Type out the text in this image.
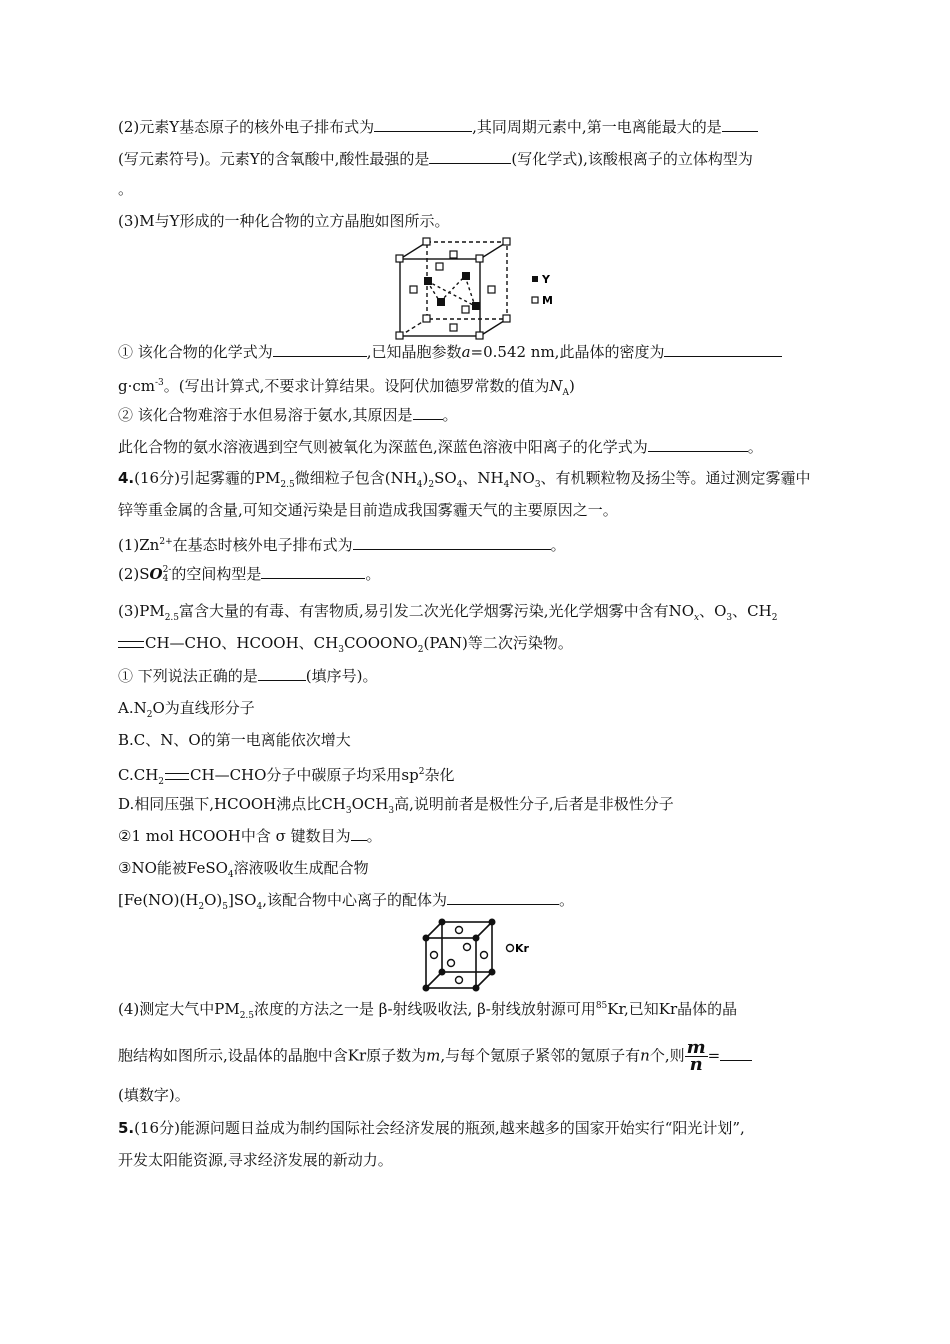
(2)元素Y基态原子的核外电子排布式为	,其同周期元素中,第一电离能最大的是
(写元素符号)。元素Y的含氧酸中,酸性最强的是	(写化学式),该酸根离子的立体构型为
。
(3)M与Y形成的一种化合物的立方晶胞如图所示。
Y
M
① 该化合物的化学式为	,已知晶胞参数a=0.542 nm,此晶体的密度为
$g\cdot cm^{-3}$。(写出计算式,不要求计算结果。设阿伏加德罗常数的值为$N_A$)
② 该化合物难溶于水但易溶于氨水,其原因是 。
此化合物的氨水溶液遇到空气则被氧化为深蓝色,深蓝色溶液中阳离子的化学式为	。
4.(16分)引起雾霾的$PM_{2.5}$微细粒子包含$(NH_4)_2SO_4$、$NH_4NO_3$、有机颗粒物及扬尘等。通过测定雾霾中
锌等重金属的含量,可知交通污染是目前造成我国雾霾天气的主要原因之一。
$(1)Zn^{2+}$在基态时核外电子排布式为	。
(2)SO 2-
4 的空间构型是	。
$(3)PM_{2.5}$富含大量的有毒、有害物质,易引发二次光化学烟雾污染,光化学烟雾中含有$NO_x$、$O_3$、$CH_2$
CH—CHO、HCOOH、$CH_3COOONO_2(PAN)$等二次污染物。
① 下列说法正确的是	(填序号)。
$A.N_2O$为直线形分子
B.C、N、O的第一电离能依次增大
$C.CH_2$ CH—CHO分子中碳原子均采用$sp^2$杂化
D.相同压强下,HCOOH沸点比$CH_3OCH_3$高,说明前者是极性分子,后者是非极性分子
②1 mol HCOOH中含 σ 键数目为 。
③NO能被FeSO$_4$溶液吸收生成配合物
$[Fe(NO)(H_2O)_5]SO_4$,该配合物中心离子的配体为	。
Kr
(4)测定大气中$PM_{2.5}$浓度的方法之一是 β-射线吸收法, β-射线放射源可用$^{85}$Kr,已知Kr晶体的晶
胞结构如图所示,设晶体的晶胞中含Kr原子数为m,与每个氪原子紧邻的氪原子有n个,则 $\frac{m}{n}$ =
(填数字)。
5.(16分)能源问题日益成为制约国际社会经济发展的瓶颈,越来越多的国家开始实行“阳光计划”,
开发太阳能资源,寻求经济发展的新动力。
